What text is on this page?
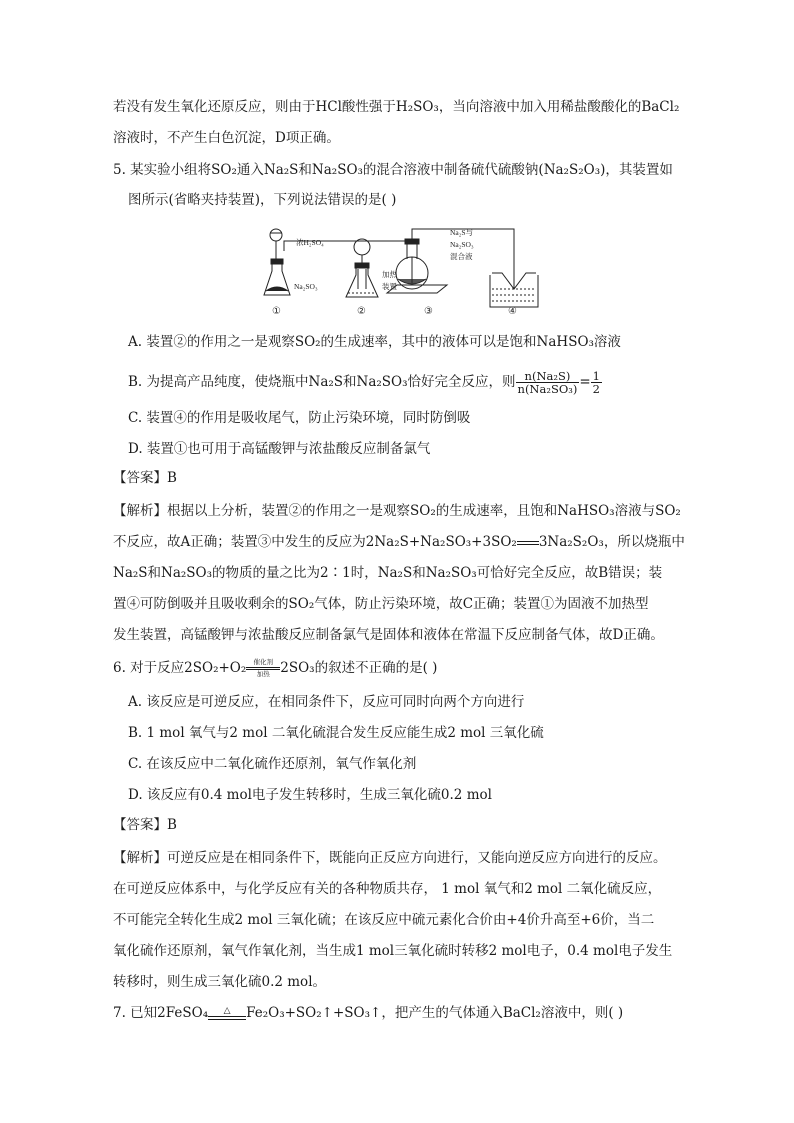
若没有发生氧化还原反应，则由于HCl酸性强于H₂SO₃，当向溶液中加入用稀盐酸酸化的BaCl₂
溶液时，不产生白色沉淀，D项正确。
5. 某实验小组将SO₂通入Na₂S和Na₂SO₃的混合溶液中制备硫代硫酸钠(Na₂S₂O₃)，其装置如
图所示(省略夹持装置)，下列说法错误的是( )
浓H₂SO₄
Na₂SO₃
Na₂S与
Na₂SO₃
混合液
加热
装置
①	②	③	④
A. 装置②的作用之一是观察SO₂的生成速率，其中的液体可以是饱和NaHSO₃溶液
B. 为提高产品纯度，使烧瓶中Na₂S和Na₂SO₃恰好完全反应，则 $\frac{\text{n(Na₂S)}}{\text{n(Na₂SO₃)}} = \frac{1}{2}$
C. 装置④的作用是吸收尾气，防止污染环境，同时防倒吸
D. 装置①也可用于高锰酸钾与浓盐酸反应制备氯气
【答案】B
【解析】根据以上分析，装置②的作用之一是观察SO₂的生成速率，且饱和NaHSO₃溶液与SO₂
不反应，故A正确；装置③中发生的反应为2Na₂S+Na₂SO₃+3SO₂ 3Na₂S₂O₃，所以烧瓶中
Na₂S和Na₂SO₃的物质的量之比为2∶1时，Na₂S和Na₂SO₃可恰好完全反应，故B错误；装
置④可防倒吸并且吸收剩余的SO₂气体，防止污染环境，故C正确；装置①为固液不加热型
发生装置，高锰酸钾与浓盐酸反应制备氯气是固体和液体在常温下反应制备气体，故D正确。
6. 对于反应2SO₂+O₂	催化剂
加热 2SO₃的叙述不正确的是( )
A. 该反应是可逆反应，在相同条件下，反应可同时向两个方向进行
B. 1 mol 氧气与2 mol 二氧化硫混合发生反应能生成2 mol 三氧化硫
C. 在该反应中二氧化硫作还原剂，氧气作氧化剂
D. 该反应有0.4 mol电子发生转移时，生成三氧化硫0.2 mol
【答案】B
【解析】可逆反应是在相同条件下，既能向正反应方向进行，又能向逆反应方向进行的反应。
在可逆反应体系中，与化学反应有关的各种物质共存， 1 mol 氧气和2 mol 二氧化硫反应，
不可能完全转化生成2 mol 三氧化硫；在该反应中硫元素化合价由+4价升高至+6价，当二
氧化硫作还原剂，氧气作氧化剂，当生成1 mol三氧化硫时转移2 mol电子，0.4 mol电子发生
转移时，则生成三氧化硫0.2 mol。
7. 已知2FeSO₄	△	Fe₂O₃+SO₂↑+SO₃↑，把产生的气体通入BaCl₂溶液中，则( )
